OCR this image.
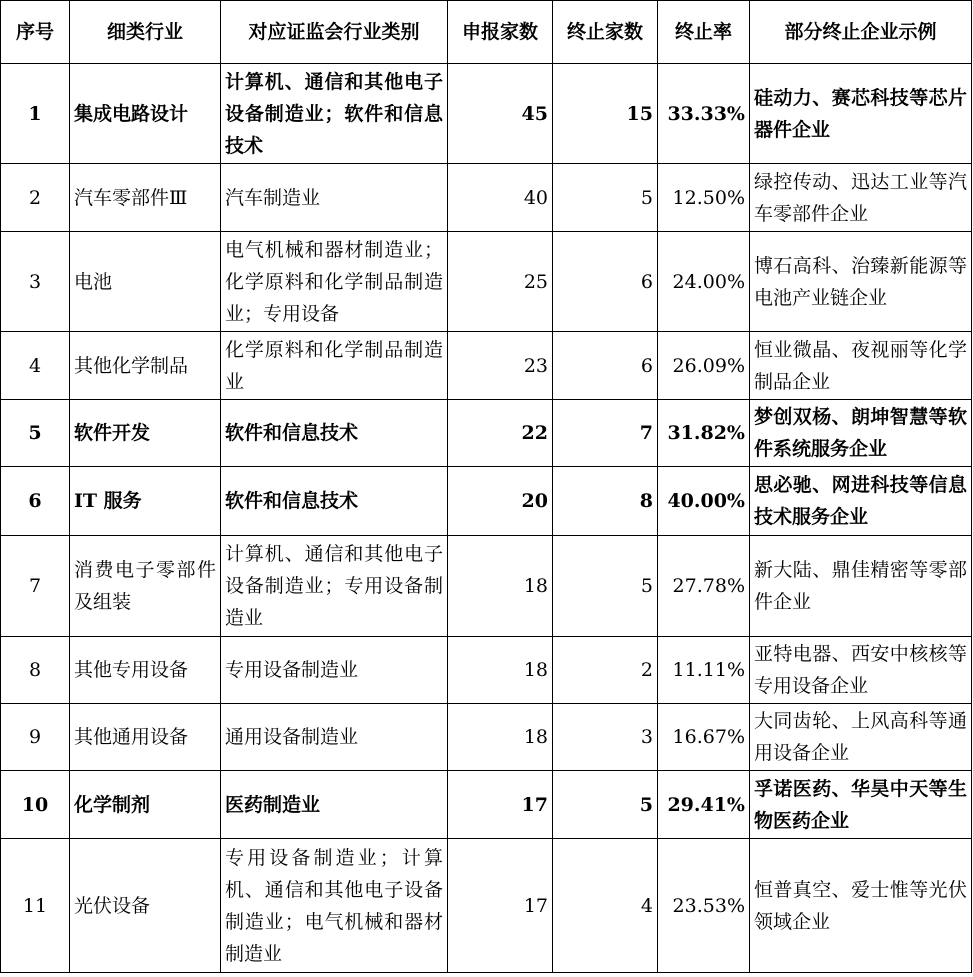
序号	细类行业	对应证监会行业类别	申报家数	终止家数	终止率	部分终止企业示例
1	集成电路设计	计算机、通信和其他电子设备制造业；软件和信息技术	45	15	33.33%	硅动力、赛芯科技等芯片器件企业
2	汽车零部件Ⅲ	汽车制造业	40	5	12.50%	绿控传动、迅达工业等汽车零部件企业
3	电池	电气机械和器材制造业；化学原料和化学制品制造业；专用设备	25	6	24.00%	博石高科、治臻新能源等电池产业链企业
4	其他化学制品	化学原料和化学制品制造业	23	6	26.09%	恒业微晶、夜视丽等化学制品企业
5	软件开发	软件和信息技术	22	7	31.82%	梦创双杨、朗坤智慧等软件系统服务企业
6	IT 服务	软件和信息技术	20	8	40.00%	思必驰、网进科技等信息技术服务企业
7	消费电子零部件及组装	计算机、通信和其他电子设备制造业；专用设备制造业	18	5	27.78%	新大陆、鼎佳精密等零部件企业
8	其他专用设备	专用设备制造业	18	2	11.11%	亚特电器、西安中核核等专用设备企业
9	其他通用设备	通用设备制造业	18	3	16.67%	大同齿轮、上风高科等通用设备企业
10	化学制剂	医药制造业	17	5	29.41%	孚诺医药、华昊中天等生物医药企业
11	光伏设备	专用设备制造业；计算机、通信和其他电子设备制造业；电气机械和器材制造业	17	4	23.53%	恒普真空、爱士惟等光伏领域企业
